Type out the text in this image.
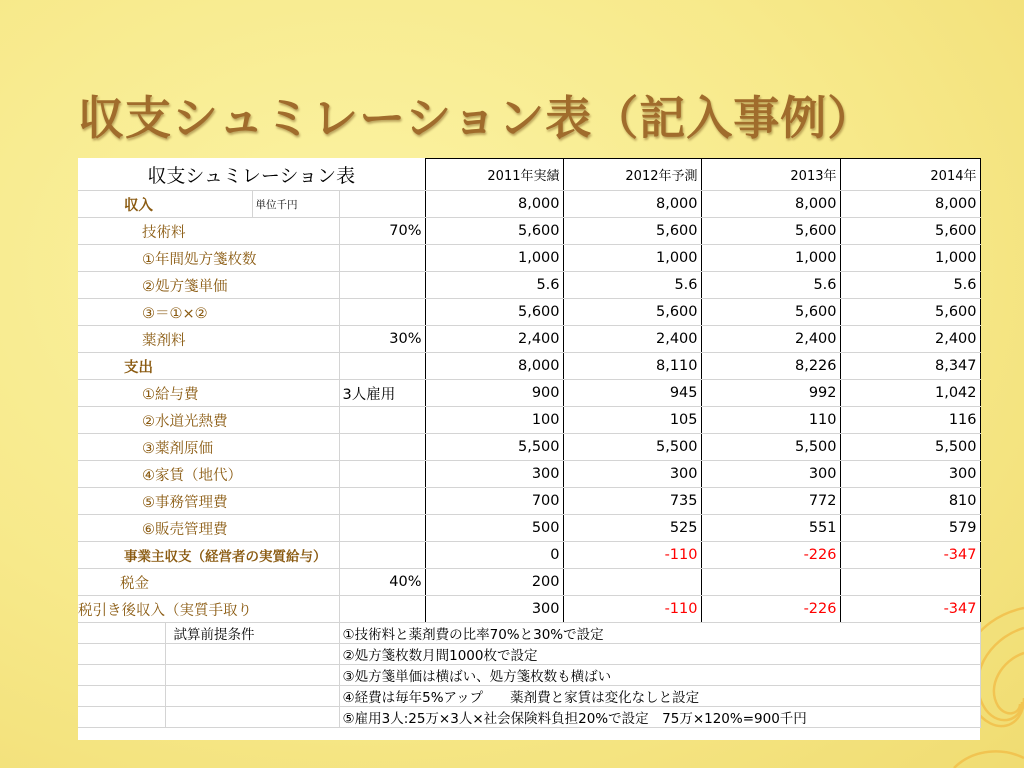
収支シュミレーション表（記入事例）
収支シュミレーション表				2011年実績	2012年予測	2013年	2014年
収入		単位千円		8,000	8,000	8,000	8,000
技術料			70%	5,600	5,600	5,600	5,600
①年間処方箋枚数				1,000	1,000	1,000	1,000
②処方箋単価				5.6	5.6	5.6	5.6
③＝①×②				5,600	5,600	5,600	5,600
薬剤料			30%	2,400	2,400	2,400	2,400
支出				8,000	8,110	8,226	8,347
①給与費			3人雇用	900	945	992	1,042
②水道光熱費				100	105	110	116
③薬剤原価				5,500	5,500	5,500	5,500
④家賃（地代）				300	300	300	300
⑤事務管理費				700	735	772	810
⑥販売管理費				500	525	551	579
事業主収支（経営者の実質給与）				0	-110	-226	-347
税金			40%	200			
税引き後収入（実質手取り				300	-110	-226	-347
	試算前提条件		①技術料と薬剤費の比率70%と30%で設定				
			②処方箋枚数月間1000枚で設定				
			③処方箋単価は横ばい、処方箋枚数も横ばい				
			④経費は毎年5%アップ　　薬剤費と家賃は変化なしと設定				
			⑤雇用3人:25万×3人×社会保険料負担20%で設定　75万×120%=900千円				
